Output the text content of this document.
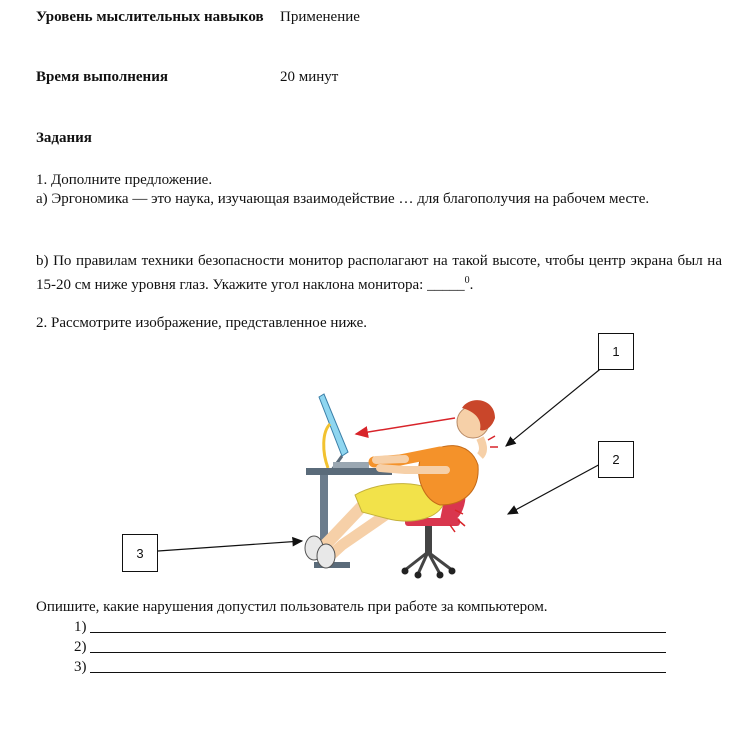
Уровень мыслительных навыков Применение
Время выполнения	20 минут
Задания
1. Дополните предложение.
а) Эргономика — это наука, изучающая взаимодействие … для благополучия на рабочем месте.
b) По правилам техники безопасности монитор располагают на такой высоте, чтобы центр экрана был на 15-20 см ниже уровня глаз. Укажите угол наклона монитора: _____$^0$.
2. Рассмотрите изображение, представленное ниже.
1
2
3
Опишите, какие нарушения допустил пользователь при работе за компьютером.
1)
2)
3)
